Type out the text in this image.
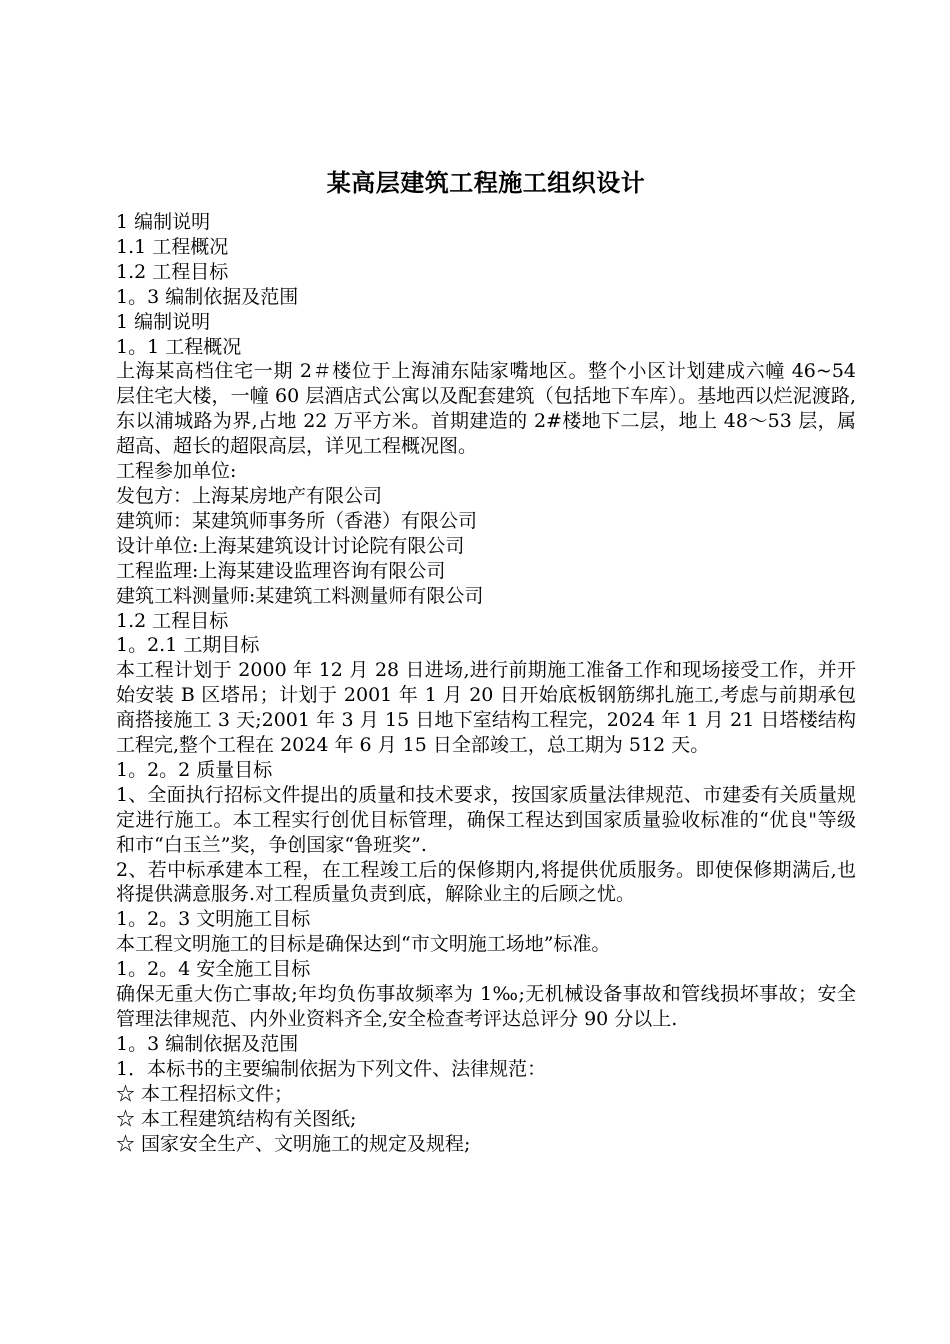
某高层建筑工程施工组织设计
1 编制说明
1.1 工程概况
1.2 工程目标
1。3 编制依据及范围
1 编制说明
1。1 工程概况

上海某高档住宅一期 2＃楼位于上海浦东陆家嘴地区。整个小区计划建成六幢 46~54 层住宅大楼，一幢 60 层酒店式公寓以及配套建筑（包括地下车库）。基地西以烂泥渡路,东以浦城路为界,占地 22 万平方米。首期建造的 2#楼地下二层，地上 48～53 层，属超高、超长的超限高层，详见工程概况图。

工程参加单位:
发包方：上海某房地产有限公司
建筑师：某建筑师事务所（香港）有限公司
设计单位:上海某建筑设计讨论院有限公司
工程监理:上海某建设监理咨询有限公司
建筑工料测量师:某建筑工料测量师有限公司
1.2 工程目标
1。2.1 工期目标

本工程计划于 2000 年 12 月 28 日进场,进行前期施工准备工作和现场接受工作，并开始安装 B 区塔吊；计划于 2001 年 1 月 20 日开始底板钢筋绑扎施工,考虑与前期承包商搭接施工 3 天;2001 年 3 月 15 日地下室结构工程完，2024 年 1 月 21 日塔楼结构工程完,整个工程在 2024 年 6 月 15 日全部竣工，总工期为 512 天。

1。2。2 质量目标

1、全面执行招标文件提出的质量和技术要求，按国家质量法律规范、市建委有关质量规定进行施工。本工程实行创优目标管理，确保工程达到国家质量验收标准的“优良"等级和市“白玉兰”奖，争创国家“鲁班奖”.

2、若中标承建本工程，在工程竣工后的保修期内,将提供优质服务。即使保修期满后,也将提供满意服务.对工程质量负责到底，解除业主的后顾之忧。

1。2。3 文明施工目标

本工程文明施工的目标是确保达到“市文明施工场地”标准。

1。2。4 安全施工目标

确保无重大伤亡事故;年均负伤事故频率为 1‰;无机械设备事故和管线损坏事故；安全管理法律规范、内外业资料齐全,安全检查考评达总评分 90 分以上.

1。3 编制依据及范围
1．本标书的主要编制依据为下列文件、法律规范：
☆ 本工程招标文件；
☆ 本工程建筑结构有关图纸;
☆ 国家安全生产、文明施工的规定及规程;
